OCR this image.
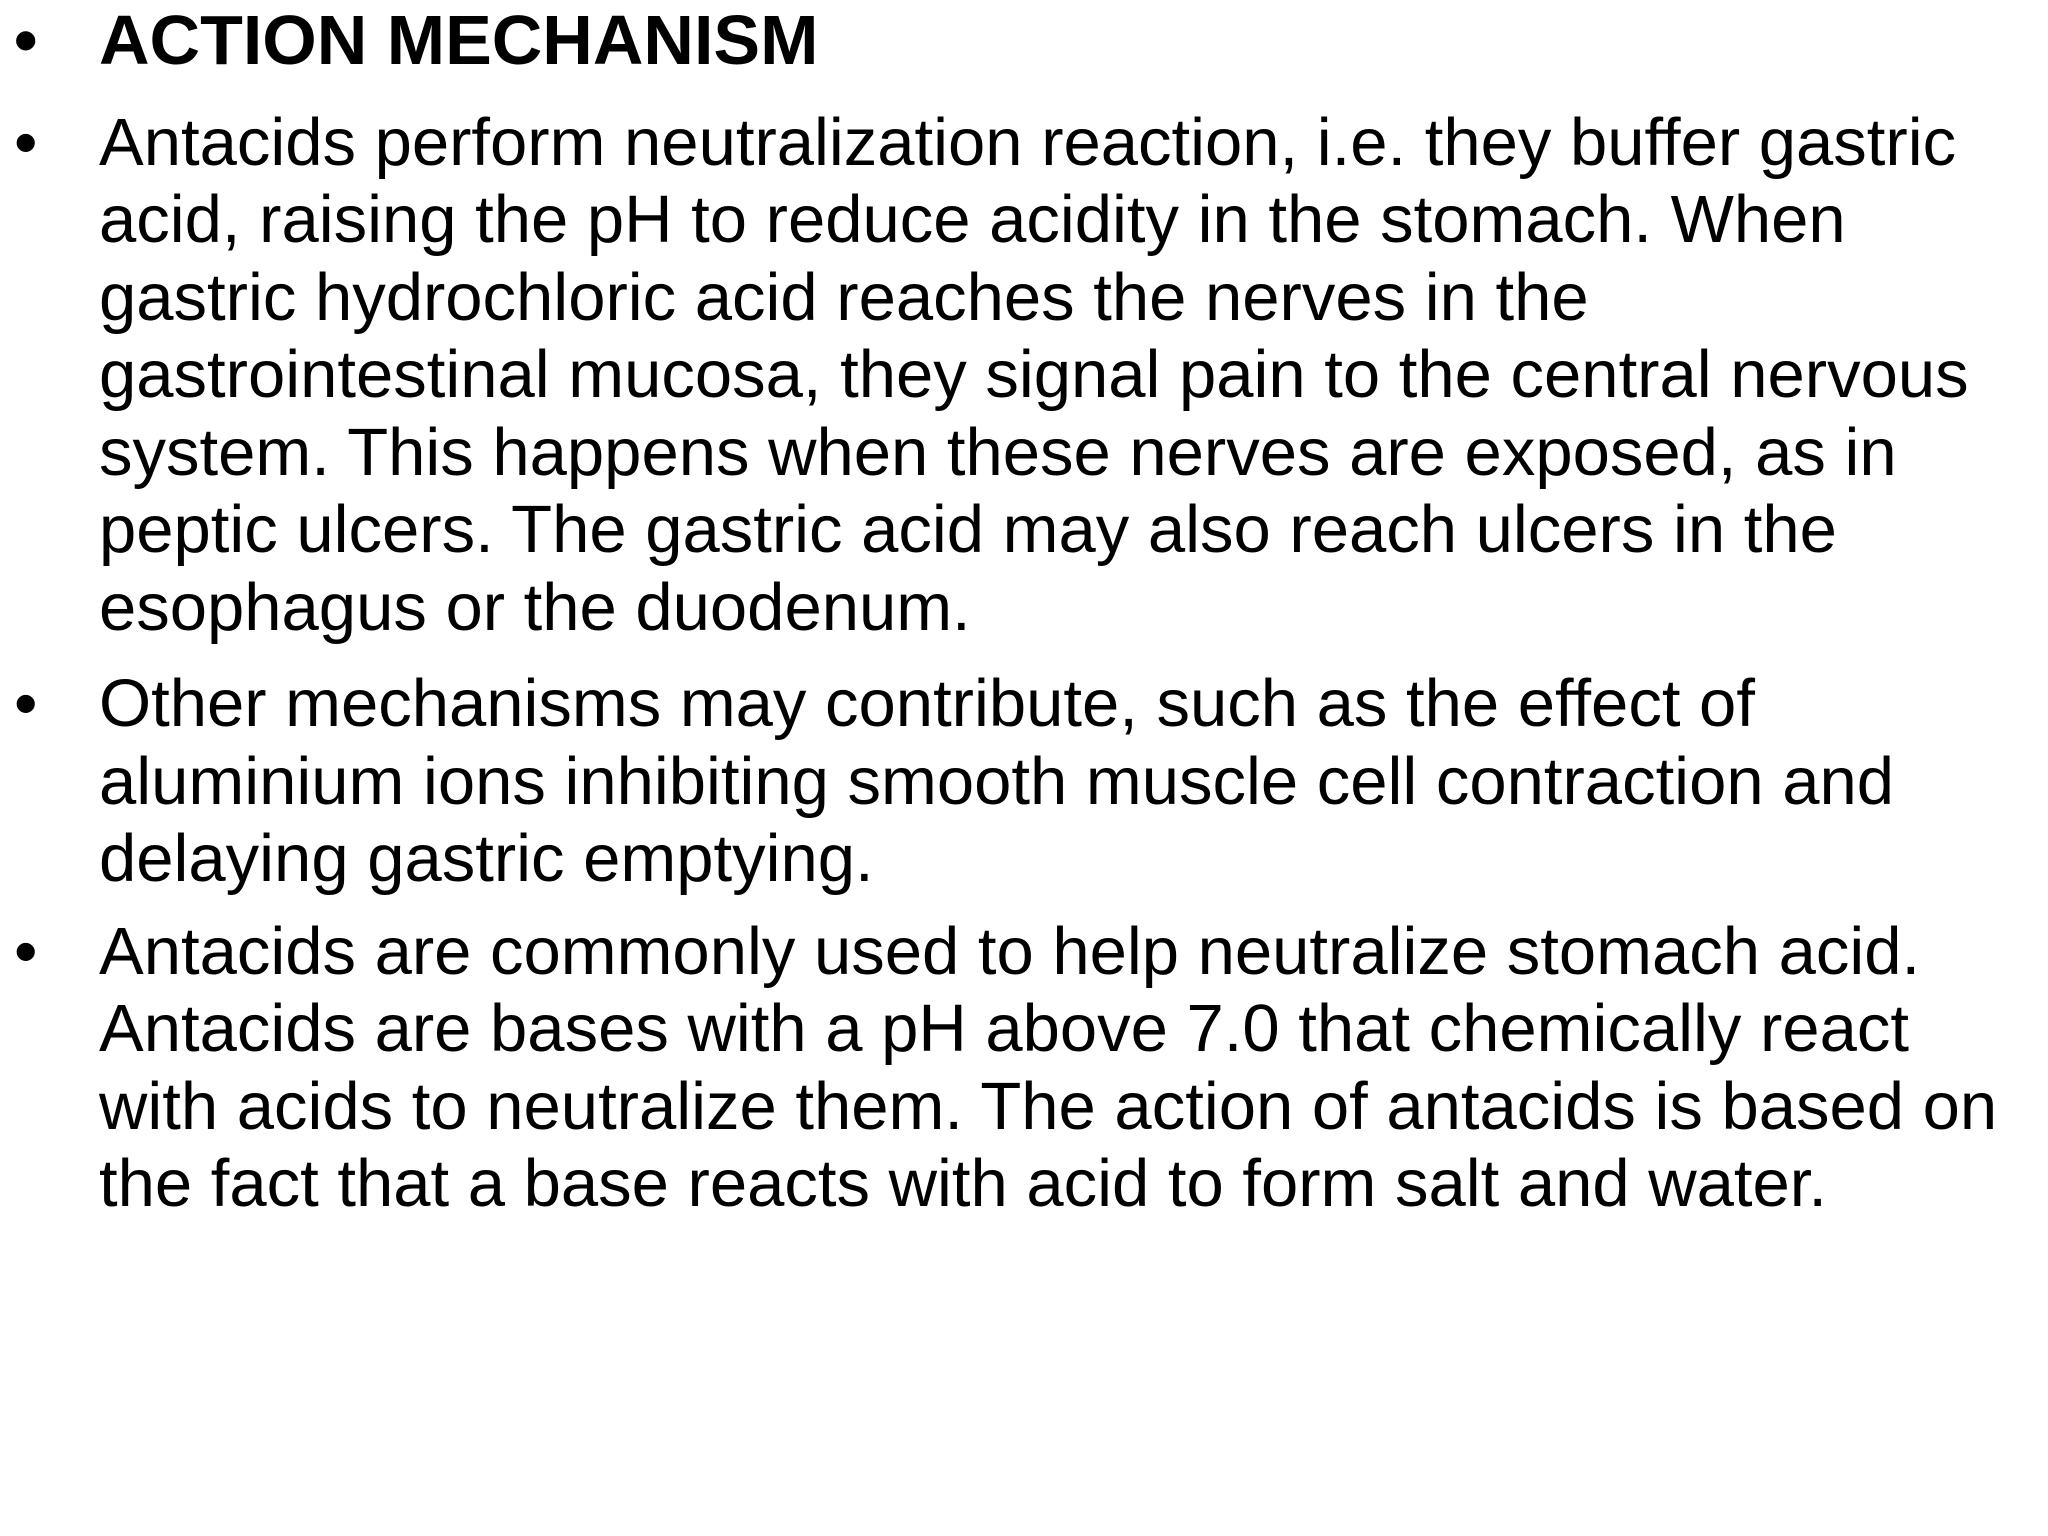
• ACTION MECHANISM
• Antacids perform neutralization reaction, i.e. they buffer gastric acid, raising the pH to reduce acidity in the stomach. When gastric hydrochloric acid reaches the nerves in the gastrointestinal mucosa, they signal pain to the central nervous system. This happens when these nerves are exposed, as in peptic ulcers. The gastric acid may also reach ulcers in the esophagus or the duodenum.
• Other mechanisms may contribute, such as the effect of aluminium ions inhibiting smooth muscle cell contraction and delaying gastric emptying.
• Antacids are commonly used to help neutralize stomach acid. Antacids are bases with a pH above 7.0 that chemically react with acids to neutralize them. The action of antacids is based on the fact that a base reacts with acid to form salt and water.
